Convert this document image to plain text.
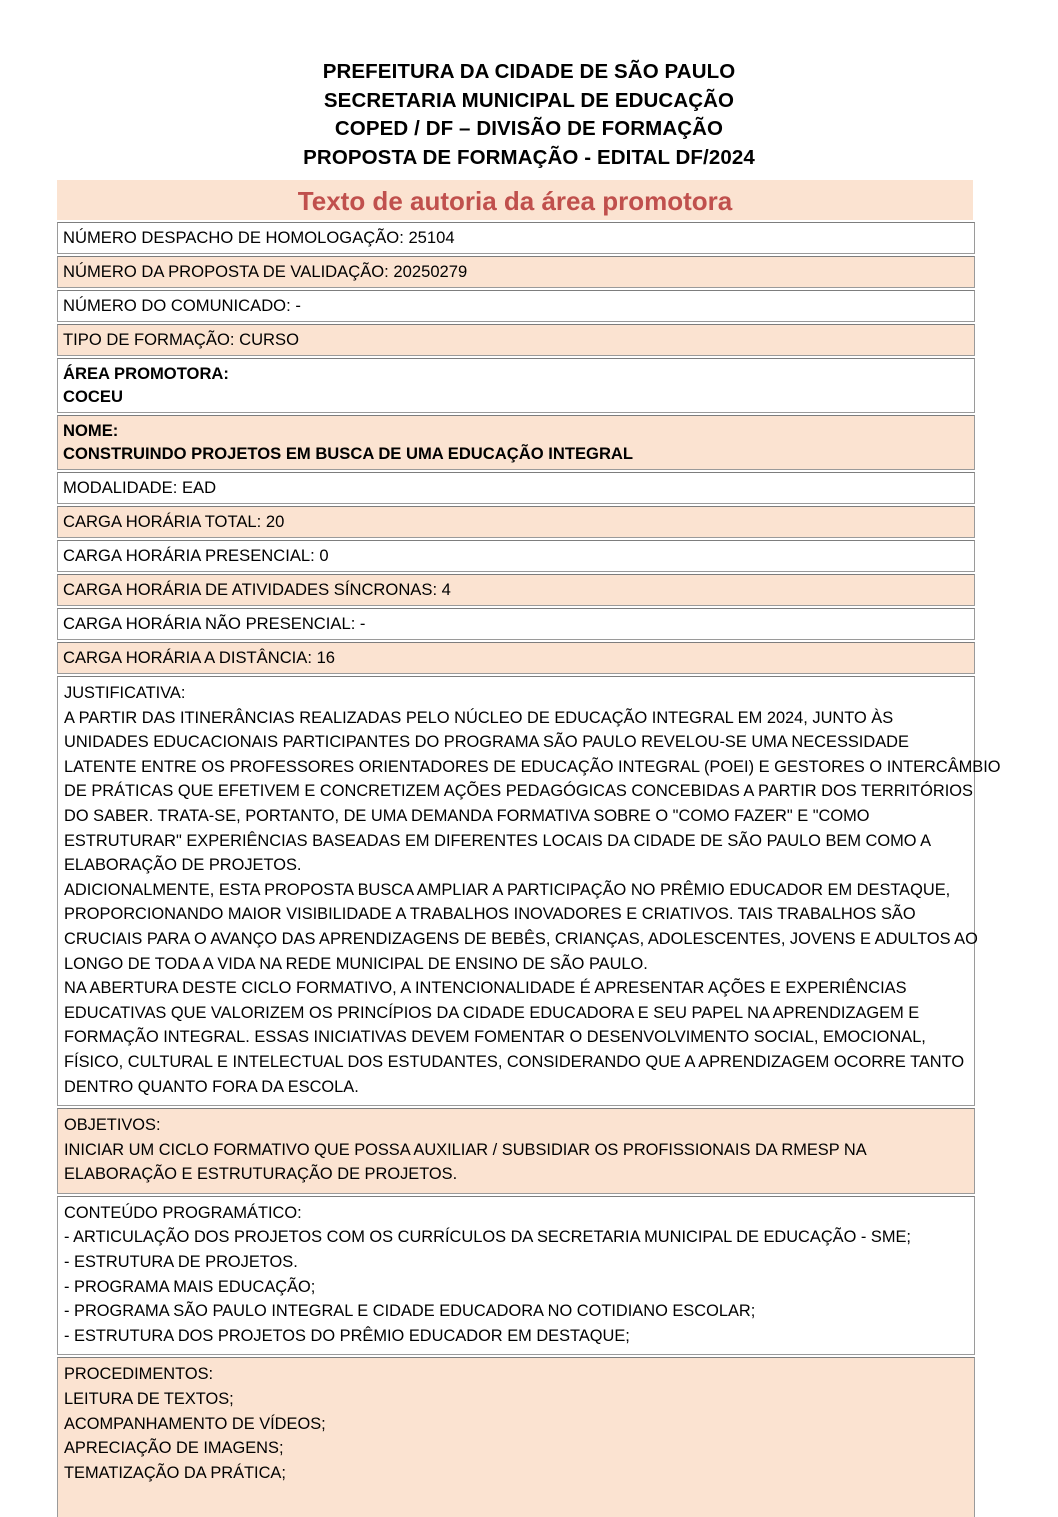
PREFEITURA DA CIDADE DE SÃO PAULO
SECRETARIA MUNICIPAL DE EDUCAÇÃO
COPED / DF – DIVISÃO DE FORMAÇÃO
PROPOSTA DE FORMAÇÃO - EDITAL DF/2024
Texto de autoria da área promotora
NÚMERO DESPACHO DE HOMOLOGAÇÃO: 25104
NÚMERO DA PROPOSTA DE VALIDAÇÃO: 20250279
NÚMERO DO COMUNICADO: -
TIPO DE FORMAÇÃO: CURSO
ÁREA PROMOTORA:
COCEU
NOME:
CONSTRUINDO PROJETOS EM BUSCA DE UMA EDUCAÇÃO INTEGRAL
MODALIDADE: EAD
CARGA HORÁRIA TOTAL: 20
CARGA HORÁRIA PRESENCIAL: 0
CARGA HORÁRIA DE ATIVIDADES SÍNCRONAS: 4
CARGA HORÁRIA NÃO PRESENCIAL: -
CARGA HORÁRIA A DISTÂNCIA: 16
JUSTIFICATIVA:
A PARTIR DAS ITINERÂNCIAS REALIZADAS PELO NÚCLEO DE EDUCAÇÃO INTEGRAL EM 2024, JUNTO ÀS
UNIDADES EDUCACIONAIS PARTICIPANTES DO PROGRAMA SÃO PAULO REVELOU-SE UMA NECESSIDADE
LATENTE ENTRE OS PROFESSORES ORIENTADORES DE EDUCAÇÃO INTEGRAL (POEI) E GESTORES O INTERCÂMBIO
DE PRÁTICAS QUE EFETIVEM E CONCRETIZEM AÇÕES PEDAGÓGICAS CONCEBIDAS A PARTIR DOS TERRITÓRIOS
DO SABER. TRATA-SE, PORTANTO, DE UMA DEMANDA FORMATIVA SOBRE O "COMO FAZER" E "COMO
ESTRUTURAR" EXPERIÊNCIAS BASEADAS EM DIFERENTES LOCAIS DA CIDADE DE SÃO PAULO BEM COMO A
ELABORAÇÃO DE PROJETOS.
ADICIONALMENTE, ESTA PROPOSTA BUSCA AMPLIAR A PARTICIPAÇÃO NO PRÊMIO EDUCADOR EM DESTAQUE,
PROPORCIONANDO MAIOR VISIBILIDADE A TRABALHOS INOVADORES E CRIATIVOS. TAIS TRABALHOS SÃO
CRUCIAIS PARA O AVANÇO DAS APRENDIZAGENS DE BEBÊS, CRIANÇAS, ADOLESCENTES, JOVENS E ADULTOS AO
LONGO DE TODA A VIDA NA REDE MUNICIPAL DE ENSINO DE SÃO PAULO.
NA ABERTURA DESTE CICLO FORMATIVO, A INTENCIONALIDADE É APRESENTAR AÇÕES E EXPERIÊNCIAS
EDUCATIVAS QUE VALORIZEM OS PRINCÍPIOS DA CIDADE EDUCADORA E SEU PAPEL NA APRENDIZAGEM E
FORMAÇÃO INTEGRAL. ESSAS INICIATIVAS DEVEM FOMENTAR O DESENVOLVIMENTO SOCIAL, EMOCIONAL,
FÍSICO, CULTURAL E INTELECTUAL DOS ESTUDANTES, CONSIDERANDO QUE A APRENDIZAGEM OCORRE TANTO
DENTRO QUANTO FORA DA ESCOLA.
OBJETIVOS:
INICIAR UM CICLO FORMATIVO QUE POSSA AUXILIAR / SUBSIDIAR OS PROFISSIONAIS DA RMESP NA
ELABORAÇÃO E ESTRUTURAÇÃO DE PROJETOS.
CONTEÚDO PROGRAMÁTICO:
- ARTICULAÇÃO DOS PROJETOS COM OS CURRÍCULOS DA SECRETARIA MUNICIPAL DE EDUCAÇÃO - SME;
- ESTRUTURA DE PROJETOS.
- PROGRAMA MAIS EDUCAÇÃO;
- PROGRAMA SÃO PAULO INTEGRAL E CIDADE EDUCADORA NO COTIDIANO ESCOLAR;
- ESTRUTURA DOS PROJETOS DO PRÊMIO EDUCADOR EM DESTAQUE;
PROCEDIMENTOS:
LEITURA DE TEXTOS;
ACOMPANHAMENTO DE VÍDEOS;
APRECIAÇÃO DE IMAGENS;
TEMATIZAÇÃO DA PRÁTICA;
